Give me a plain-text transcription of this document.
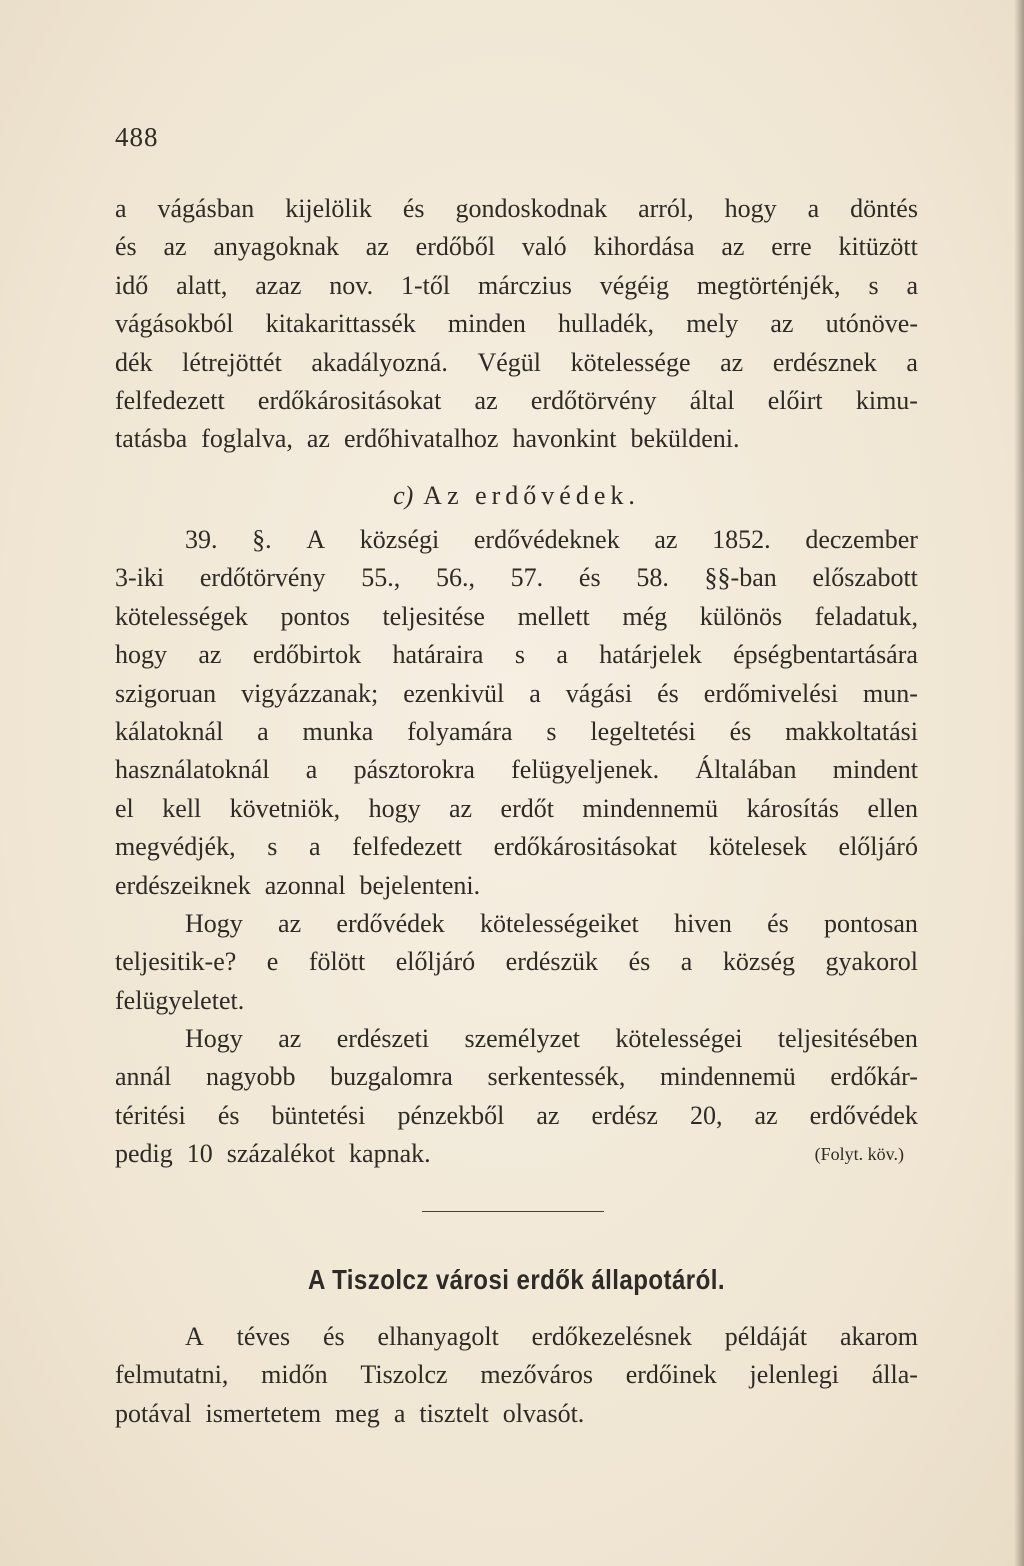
488
a vágásban kijelölik és gondoskodnak arról, hogy a döntés
és az anyagoknak az erdőből való kihordása az erre kitüzött
idő alatt, azaz nov. 1-től márczius végéig megtörténjék, s a
vágásokból kitakarittassék minden hulladék, mely az utónöve-
dék létrejöttét akadályozná. Végül kötelessége az erdésznek a
felfedezett erdőkárositásokat az erdőtörvény által előirt kimu-
tatásba foglalva, az erdőhivatalhoz havonkint beküldeni.
c) Az erdővédek.
39. §. A községi erdővédeknek az 1852. deczember
3-iki erdőtörvény 55., 56., 57. és 58. §§-ban előszabott
kötelességek pontos teljesitése mellett még különös feladatuk,
hogy az erdőbirtok határaira s a határjelek épségbentartására
szigoruan vigyázzanak; ezenkivül a vágási és erdőmivelési mun-
kálatoknál a munka folyamára s legeltetési és makkoltatási
használatoknál a pásztorokra felügyeljenek. Általában mindent
el kell követniök, hogy az erdőt mindennemü károsítás ellen
megvédjék, s a felfedezett erdőkárositásokat kötelesek előljáró
erdészeiknek azonnal bejelenteni.
Hogy az erdővédek kötelességeiket hiven és pontosan
teljesitik-e? e fölött előljáró erdészük és a község gyakorol
felügyeletet.
Hogy az erdészeti személyzet kötelességei teljesitésében
annál nagyobb buzgalomra serkentessék, mindennemü erdőkár-
téritési és büntetési pénzekből az erdész 20, az erdővédek
pedig 10 százalékot kapnak.	(Folyt. köv.)
A Tiszolcz városi erdők állapotáról.
A téves és elhanyagolt erdőkezelésnek példáját akarom
felmutatni, midőn Tiszolcz mezőváros erdőinek jelenlegi álla-
potával ismertetem meg a tisztelt olvasót.
